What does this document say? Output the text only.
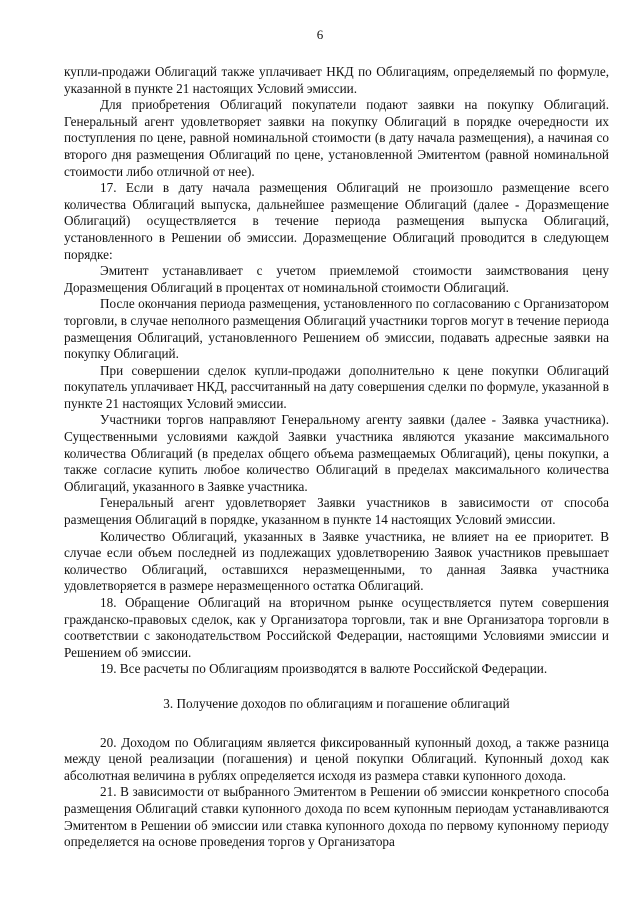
6

купли-продажи Облигаций также уплачивает НКД по Облигациям, определяемый по формуле, указанной в пункте 21 настоящих Условий эмиссии.

Для приобретения Облигаций покупатели подают заявки на покупку Облигаций. Генеральный агент удовлетворяет заявки на покупку Облигаций в порядке очередности их поступления по цене, равной номинальной стоимости (в дату начала размещения), а начиная со второго дня размещения Облигаций по цене, установленной Эмитентом (равной номинальной стоимости либо отличной от нее).

17. Если в дату начала размещения Облигаций не произошло размещение всего количества Облигаций выпуска, дальнейшее размещение Облигаций (далее - Доразмещение Облигаций) осуществляется в течение периода размещения выпуска Облигаций, установленного в Решении об эмиссии. Доразмещение Облигаций проводится в следующем порядке:

Эмитент устанавливает с учетом приемлемой стоимости заимствования цену Доразмещения Облигаций в процентах от номинальной стоимости Облигаций.

После окончания периода размещения, установленного по согласованию с Организатором торговли, в случае неполного размещения Облигаций участники торгов могут в течение периода размещения Облигаций, установленного Решением об эмиссии, подавать адресные заявки на покупку Облигаций.

При совершении сделок купли-продажи дополнительно к цене покупки Облигаций покупатель уплачивает НКД, рассчитанный на дату совершения сделки по формуле, указанной в пункте 21 настоящих Условий эмиссии.

Участники торгов направляют Генеральному агенту заявки (далее - Заявка участника). Существенными условиями каждой Заявки участника являются указание максимального количества Облигаций (в пределах общего объема размещаемых Облигаций), цены покупки, а также согласие купить любое количество Облигаций в пределах максимального количества Облигаций, указанного в Заявке участника.

Генеральный агент удовлетворяет Заявки участников в зависимости от способа размещения Облигаций в порядке, указанном в пункте 14 настоящих Условий эмиссии.

Количество Облигаций, указанных в Заявке участника, не влияет на ее приоритет. В случае если объем последней из подлежащих удовлетворению Заявок участников превышает количество Облигаций, оставшихся неразмещенными, то данная Заявка участника удовлетворяется в размере неразмещенного остатка Облигаций.

18. Обращение Облигаций на вторичном рынке осуществляется путем совершения гражданско-правовых сделок, как у Организатора торговли, так и вне Организатора торговли в соответствии с законодательством Российской Федерации, настоящими Условиями эмиссии и Решением об эмиссии.

19. Все расчеты по Облигациям производятся в валюте Российской Федерации.

3. Получение доходов по облигациям и погашение облигаций

20. Доходом по Облигациям является фиксированный купонный доход, а также разница между ценой реализации (погашения) и ценой покупки Облигаций. Купонный доход как абсолютная величина в рублях определяется исходя из размера ставки купонного дохода.

21. В зависимости от выбранного Эмитентом в Решении об эмиссии конкретного способа размещения Облигаций ставки купонного дохода по всем купонным периодам устанавливаются Эмитентом в Решении об эмиссии или ставка купонного дохода по первому купонному периоду определяется на основе проведения торгов у Организатора
